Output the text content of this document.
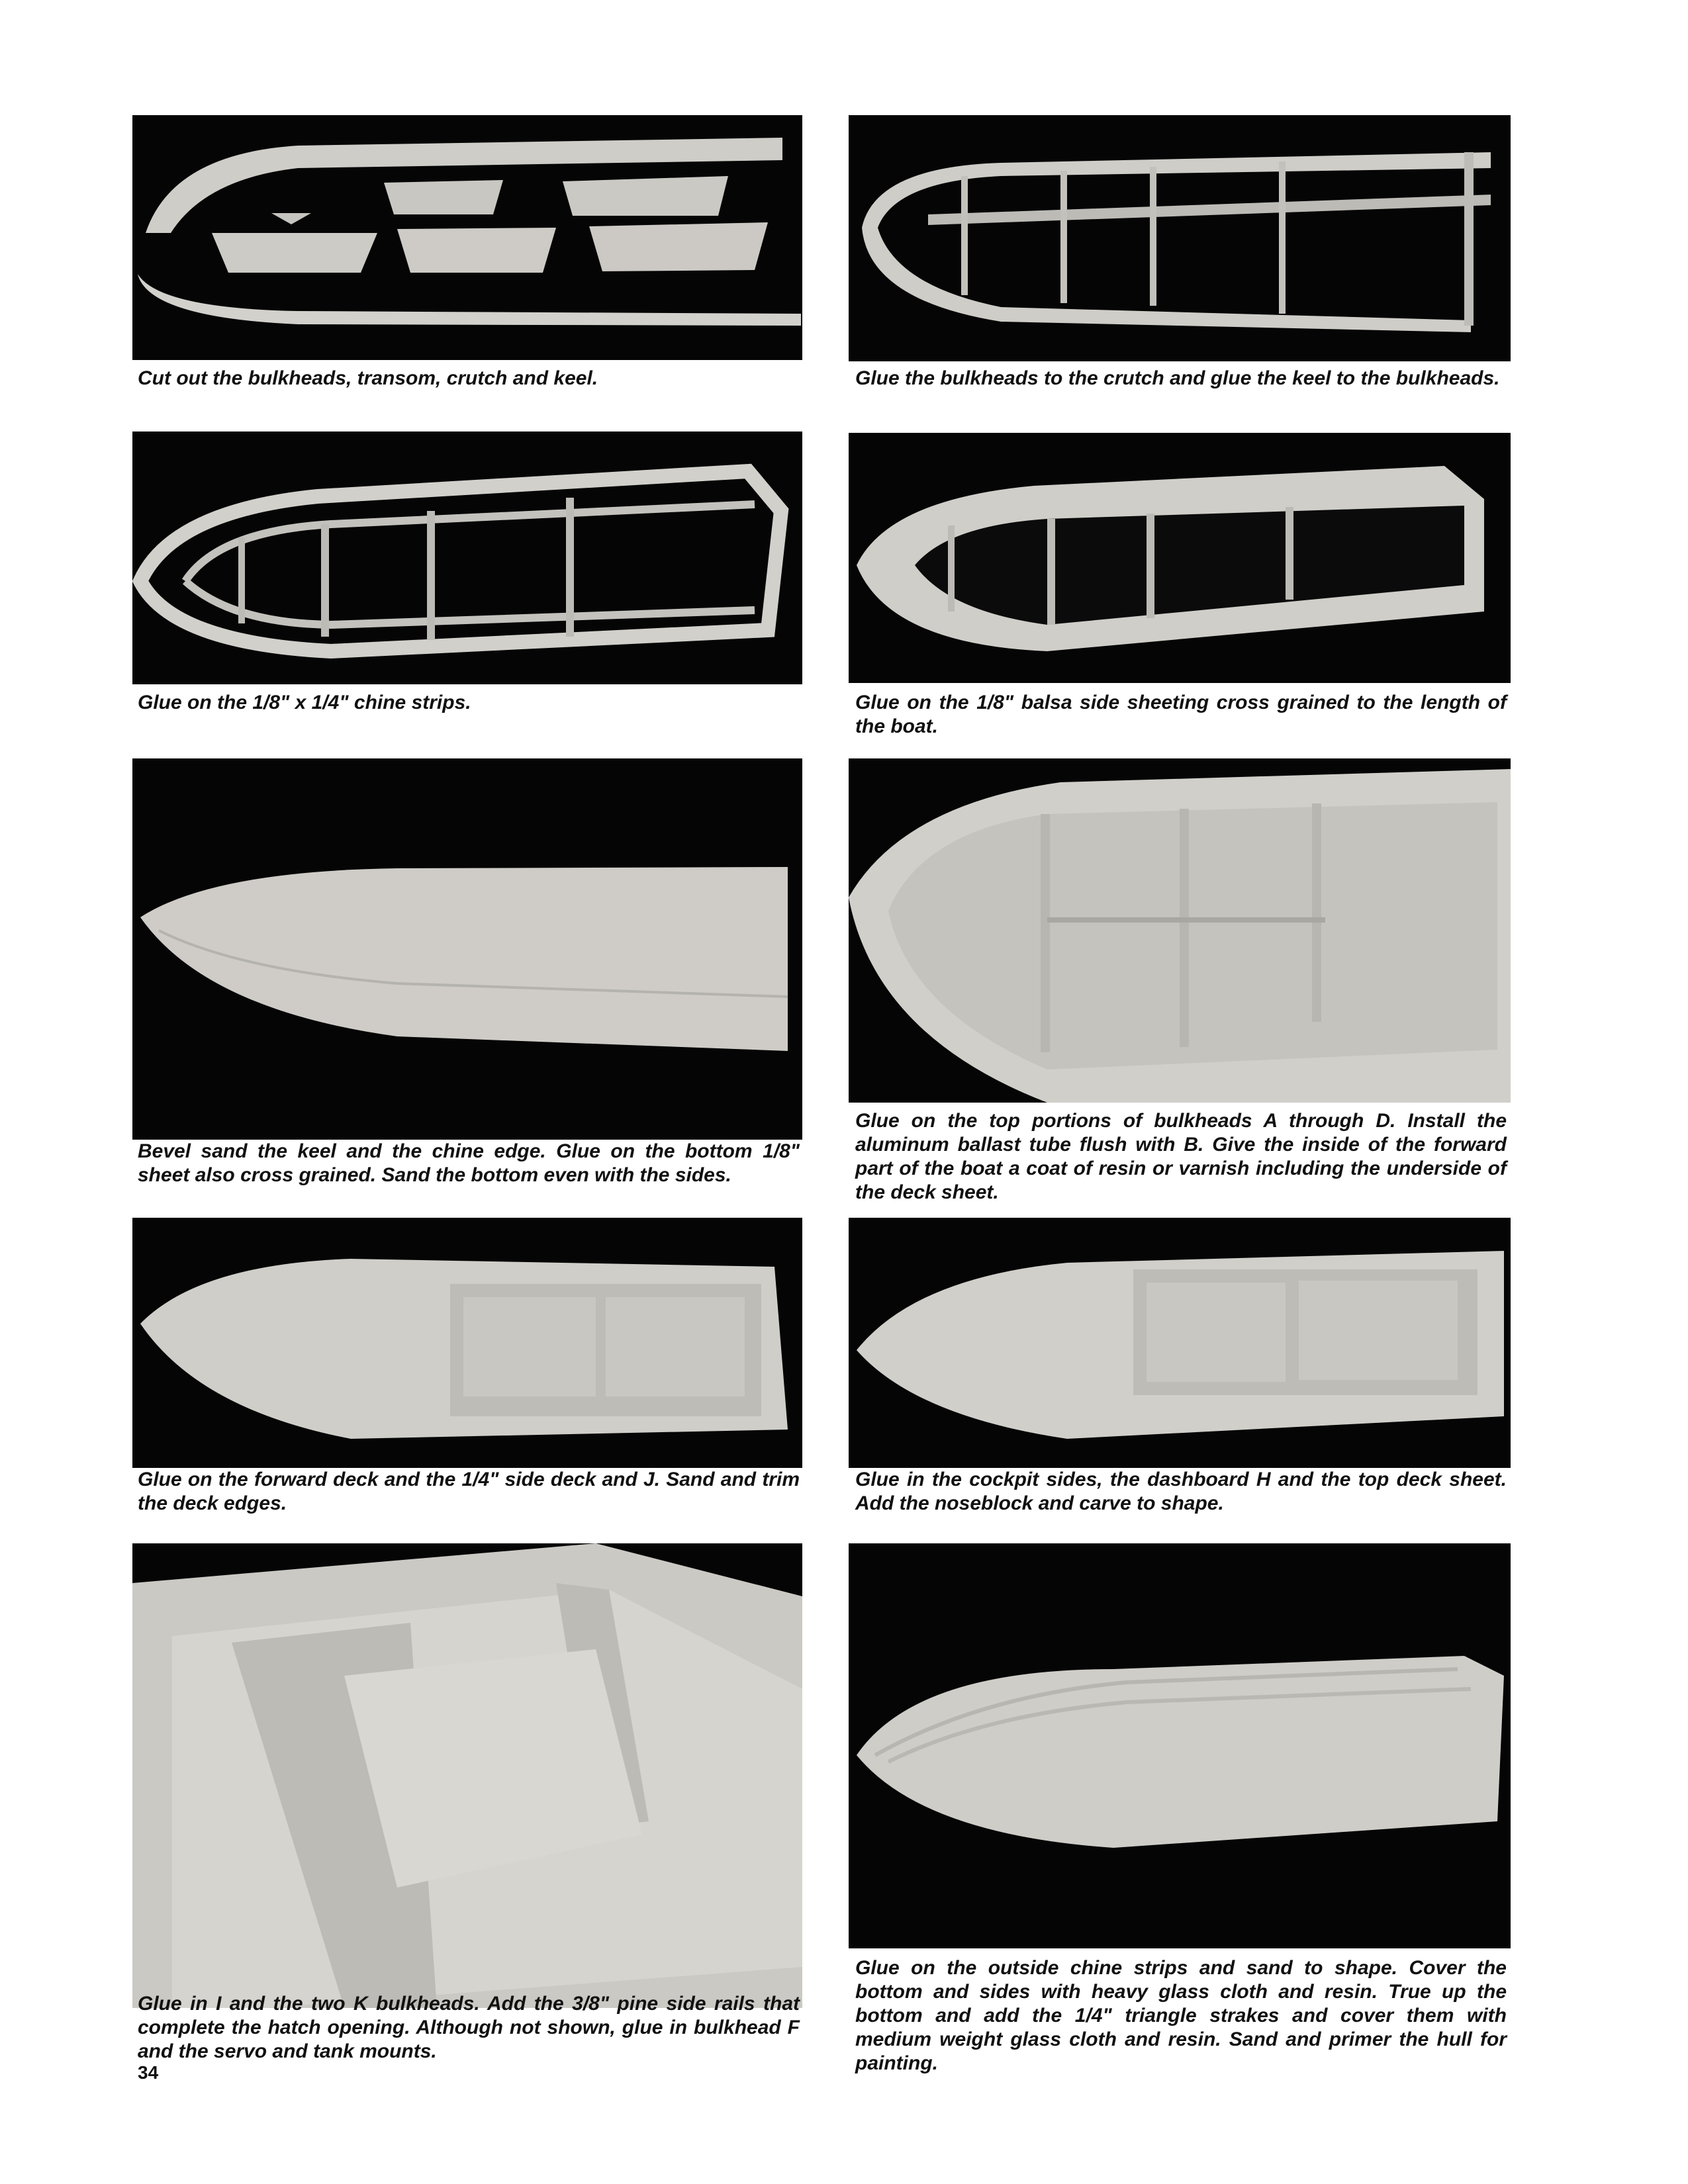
Cut out the bulkheads, transom, crutch and keel.	Glue the bulkheads to the crutch and glue the keel to the bulkheads.

Glue on the 1/8" x 1/4" chine strips.	Glue on the 1/8" balsa side sheeting cross grained to the length of the boat.

Bevel sand the keel and the chine edge. Glue on the bottom 1/8" sheet also cross grained. Sand the bottom even with the sides.

Glue on the top portions of bulkheads A through D. Install the aluminum ballast tube flush with B. Give the inside of the forward part of the boat a coat of resin or varnish including the underside of the deck sheet.

Glue on the forward deck and the 1/4" side deck and J. Sand and trim the deck edges.

Glue in the cockpit sides, the dashboard H and the top deck sheet. Add the noseblock and carve to shape.

Glue in I and the two K bulkheads. Add the 3/8" pine side rails that complete the hatch opening. Although not shown, glue in bulkhead F and the servo and tank mounts.

Glue on the outside chine strips and sand to shape. Cover the bottom and sides with heavy glass cloth and resin. True up the bottom and add the 1/4" triangle strakes and cover them with medium weight glass cloth and resin. Sand and primer the hull for painting.

34
